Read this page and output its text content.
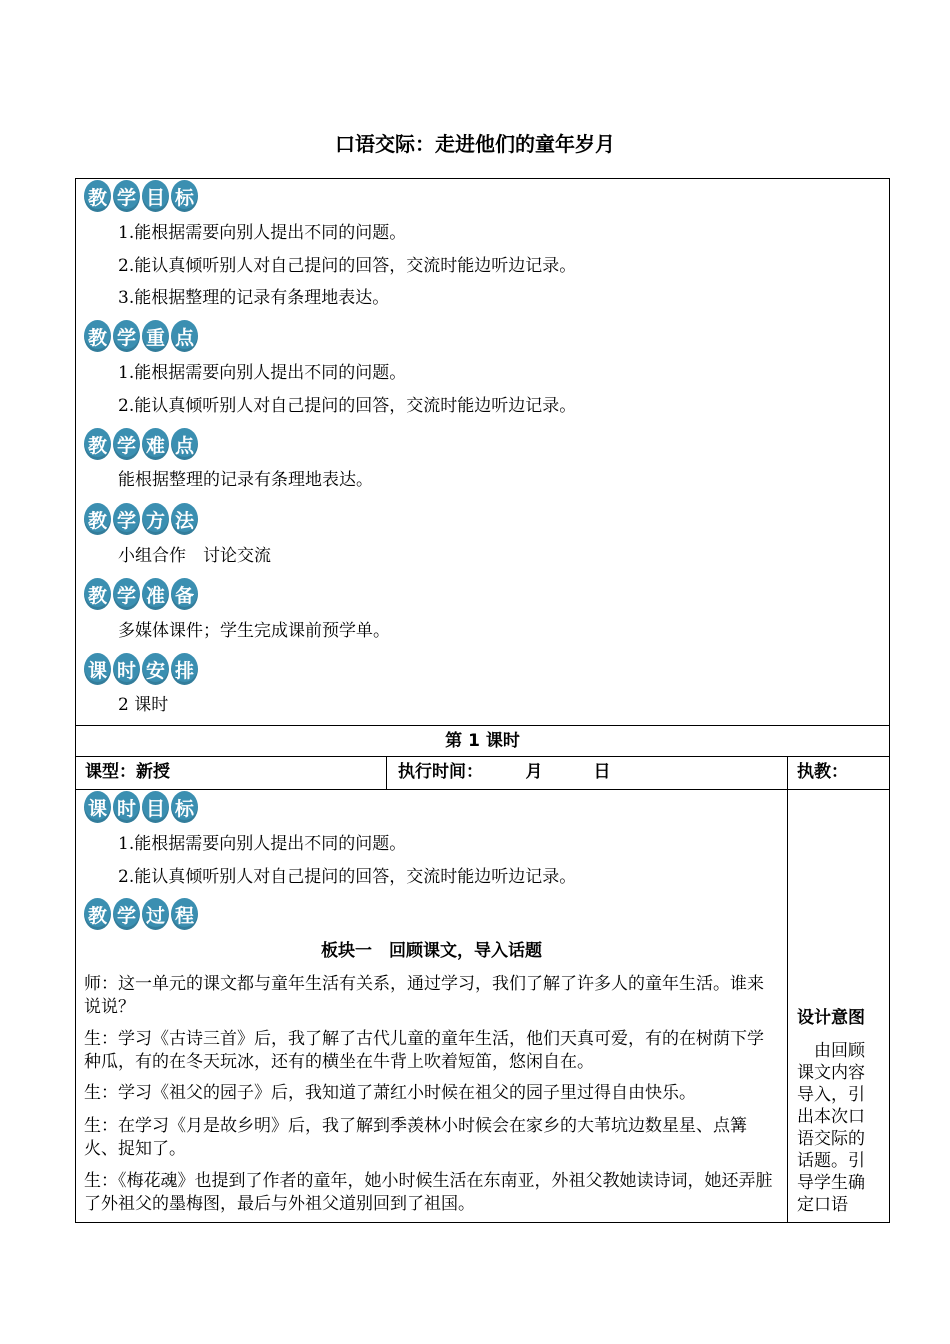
口语交际：走进他们的童年岁月
教 学 目 标
1.能根据需要向别人提出不同的问题。
2.能认真倾听别人对自己提问的回答，交流时能边听边记录。
3.能根据整理的记录有条理地表达。
教 学 重 点
1.能根据需要向别人提出不同的问题。
2.能认真倾听别人对自己提问的回答，交流时能边听边记录。
教 学 难 点
能根据整理的记录有条理地表达。
教 学 方 法
小组合作　讨论交流
教 学 准 备
多媒体课件；学生完成课前预学单。
课 时 安 排
2 课时
第 1 课时
课型：新授	执行时间：　　　月　　　日	执教：
课 时 目 标
1.能根据需要向别人提出不同的问题。
2.能认真倾听别人对自己提问的回答，交流时能边听边记录。
教 学 过 程
板块一　回顾课文，导入话题
师：这一单元的课文都与童年生活有关系，通过学习，我们了解了许多人的童年生活。谁来说说？
生：学习《古诗三首》后，我了解了古代儿童的童年生活，他们天真可爱，有的在树荫下学种瓜，有的在冬天玩冰，还有的横坐在牛背上吹着短笛，悠闲自在。
生：学习《祖父的园子》后，我知道了萧红小时候在祖父的园子里过得自由快乐。
生：在学习《月是故乡明》后，我了解到季羡林小时候会在家乡的大苇坑边数星星、点篝火、捉知了。
生：《梅花魂》也提到了作者的童年，她小时候生活在东南亚，外祖父教她读诗词，她还弄脏了外祖父的墨梅图，最后与外祖父道别回到了祖国。
设计意图
　由回顾课文内容导入，引出本次口语交际的话题。引导学生确定口语
